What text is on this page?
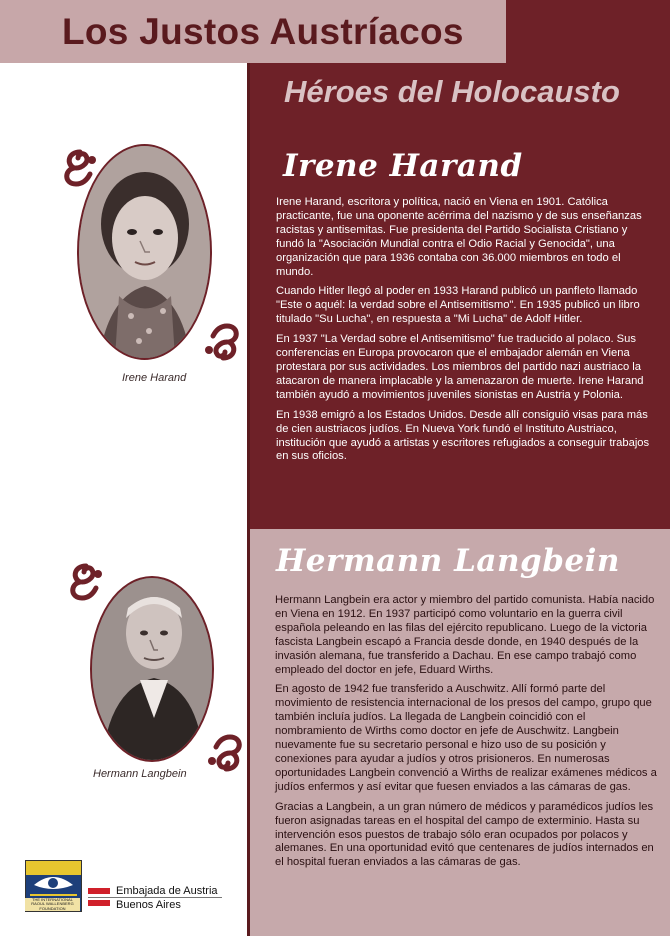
Los Justos Austríacos
Héroes del Holocausto
Irene Harand

Irene Harand, escritora y política, nació en Viena en 1901. Católica practicante, fue una oponente acérrima del nazismo y de sus enseñanzas racistas y antisemitas. Fue presidenta del Partido Socialista Cristiano y fundó la "Asociación Mundial contra el Odio Racial y Genocida", una organización que para 1936 contaba con 36.000 miembros en todo el mundo.

Cuando Hitler llegó al poder en 1933 Harand publicó un panfleto llamado "Este o aquél: la verdad sobre el Antisemitismo". En 1935 publicó un libro titulado "Su Lucha", en respuesta a "Mi Lucha" de Adolf Hitler.

En 1937 "La Verdad sobre el Antisemitismo" fue traducido al polaco. Sus conferencias en Europa provocaron que el embajador alemán en Viena protestara por sus actividades. Los miembros del partido nazi austriaco la atacaron de manera implacable y la amenazaron de muerte. Irene Harand también ayudó a movimientos juveniles sionistas en Austria y Polonia.

En 1938 emigró a los Estados Unidos. Desde allí consiguió visas para más de cien austriacos judíos. En Nueva York fundó el Instituto Austriaco, institución que ayudó a artistas y escritores refugiados a conseguir trabajos en sus oficios.

Irene Harand
Hermann Langbein

Hermann Langbein era actor y miembro del partido comunista. Había nacido en Viena en 1912. En 1937 participó como voluntario en la guerra civil española peleando en las filas del ejército republicano. Luego de la victoria fascista Langbein escapó a Francia desde donde, en 1940 después de la invasión alemana, fue transferido a Dachau. En ese campo trabajó como empleado del doctor en jefe, Eduard Wirths.

En agosto de 1942 fue transferido a Auschwitz. Allí formó parte del movimiento de resistencia internacional de los presos del campo, grupo que también incluía judíos. La llegada de Langbein coincidió con el nombramiento de Wirths como doctor en jefe de Auschwitz. Langbein nuevamente fue su secretario personal e hizo uso de su posición y conexiones para ayudar a judíos y otros prisioneros. En numerosas oportunidades Langbein convenció a Wirths de realizar exámenes médicos a judíos enfermos y así evitar que fuesen enviados a las cámaras de gas.

Gracias a Langbein, a un gran número de médicos y paramédicos judíos les fueron asignadas tareas en el hospital del campo de exterminio. Hasta su intervención esos puestos de trabajo sólo eran ocupados por polacos y alemanes. En una oportunidad evitó que centenares de judíos internados en el hospital fueran enviados a las cámaras de gas.

Hermann Langbein
THE INTERNATIONAL RAOUL WALLENBERG FOUNDATION
Embajada de Austria
Buenos Aires
